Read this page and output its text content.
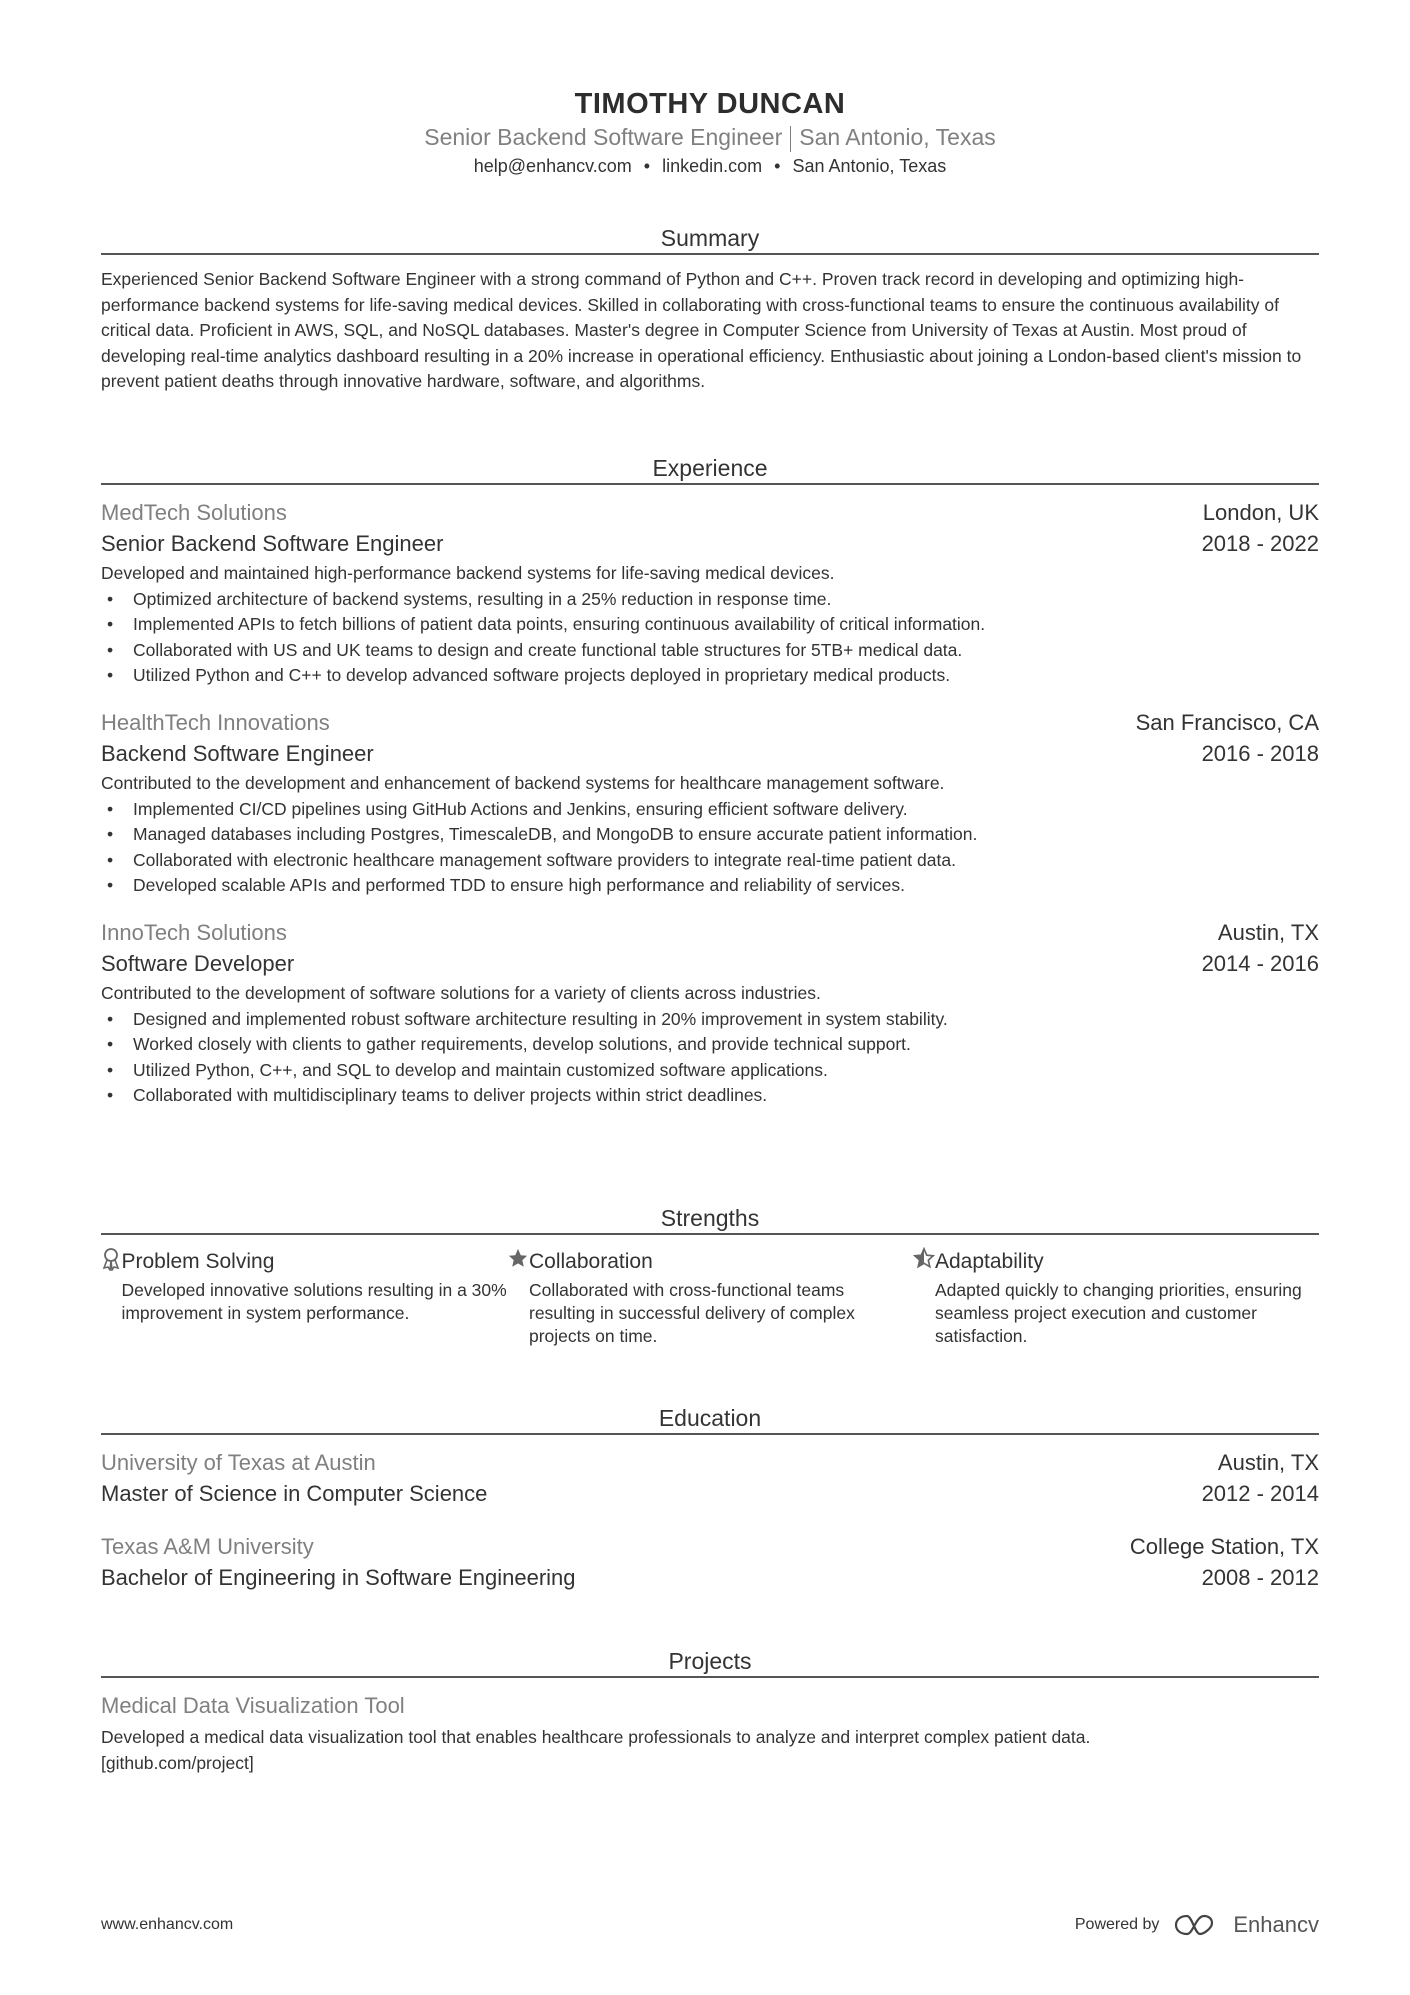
TIMOTHY DUNCAN
Senior Backend Software Engineer San Antonio, Texas
help@enhancv.com • linkedin.com • San Antonio, Texas
Summary
Experienced Senior Backend Software Engineer with a strong command of Python and C++. Proven track record in developing and optimizing high-performance backend systems for life-saving medical devices. Skilled in collaborating with cross-functional teams to ensure the continuous availability of critical data. Proficient in AWS, SQL, and NoSQL databases. Master's degree in Computer Science from University of Texas at Austin. Most proud of developing real-time analytics dashboard resulting in a 20% increase in operational efficiency. Enthusiastic about joining a London-based client's mission to prevent patient deaths through innovative hardware, software, and algorithms.
Experience
MedTech Solutions	London, UK
Senior Backend Software Engineer	2018 - 2022
Developed and maintained high-performance backend systems for life-saving medical devices.
• Optimized architecture of backend systems, resulting in a 25% reduction in response time.
• Implemented APIs to fetch billions of patient data points, ensuring continuous availability of critical information.
• Collaborated with US and UK teams to design and create functional table structures for 5TB+ medical data.
• Utilized Python and C++ to develop advanced software projects deployed in proprietary medical products.
HealthTech Innovations	San Francisco, CA
Backend Software Engineer	2016 - 2018
Contributed to the development and enhancement of backend systems for healthcare management software.
• Implemented CI/CD pipelines using GitHub Actions and Jenkins, ensuring efficient software delivery.
• Managed databases including Postgres, TimescaleDB, and MongoDB to ensure accurate patient information.
• Collaborated with electronic healthcare management software providers to integrate real-time patient data.
• Developed scalable APIs and performed TDD to ensure high performance and reliability of services.
InnoTech Solutions	Austin, TX
Software Developer	2014 - 2016
Contributed to the development of software solutions for a variety of clients across industries.
• Designed and implemented robust software architecture resulting in 20% improvement in system stability.
• Worked closely with clients to gather requirements, develop solutions, and provide technical support.
• Utilized Python, C++, and SQL to develop and maintain customized software applications.
• Collaborated with multidisciplinary teams to deliver projects within strict deadlines.
Strengths
Problem Solving
Developed innovative solutions resulting in a 30% improvement in system performance.
Collaboration
Collaborated with cross-functional teams resulting in successful delivery of complex projects on time.
Adaptability
Adapted quickly to changing priorities, ensuring seamless project execution and customer satisfaction.
Education
University of Texas at Austin	Austin, TX
Master of Science in Computer Science	2012 - 2014
Texas A&M University	College Station, TX
Bachelor of Engineering in Software Engineering	2008 - 2012
Projects
Medical Data Visualization Tool
Developed a medical data visualization tool that enables healthcare professionals to analyze and interpret complex patient data.
[github.com/project]
www.enhancv.com	Powered by	Enhancv
